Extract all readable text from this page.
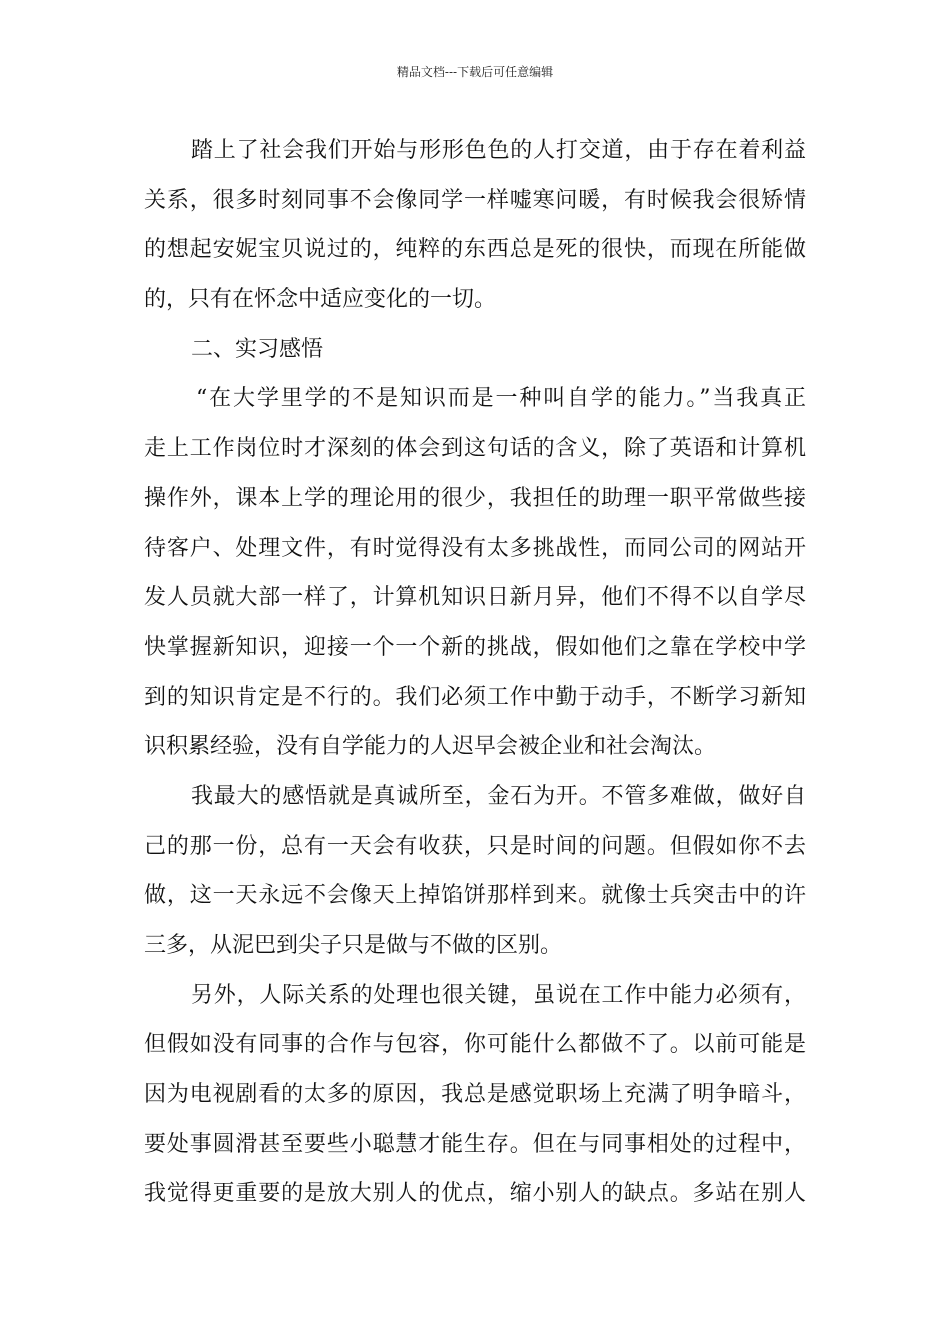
精品文档---下载后可任意编辑
踏上了社会我们开始与形形色色的人打交道，由于存在着利益
关系，很多时刻同事不会像同学一样嘘寒问暖，有时候我会很矫情
的想起安妮宝贝说过的，纯粹的东西总是死的很快，而现在所能做
的，只有在怀念中适应变化的一切。
二、实习感悟
“在大学里学的不是知识而是一种叫自学的能力。”当我真正
走上工作岗位时才深刻的体会到这句话的含义，除了英语和计算机
操作外，课本上学的理论用的很少，我担任的助理一职平常做些接
待客户、处理文件，有时觉得没有太多挑战性，而同公司的网站开
发人员就大部一样了，计算机知识日新月异，他们不得不以自学尽
快掌握新知识，迎接一个一个新的挑战，假如他们之靠在学校中学
到的知识肯定是不行的。我们必须工作中勤于动手，不断学习新知
识积累经验，没有自学能力的人迟早会被企业和社会淘汰。
我最大的感悟就是真诚所至，金石为开。不管多难做，做好自
己的那一份，总有一天会有收获，只是时间的问题。但假如你不去
做，这一天永远不会像天上掉馅饼那样到来。就像士兵突击中的许
三多，从泥巴到尖子只是做与不做的区别。
另外，人际关系的处理也很关键，虽说在工作中能力必须有，
但假如没有同事的合作与包容，你可能什么都做不了。以前可能是
因为电视剧看的太多的原因，我总是感觉职场上充满了明争暗斗，
要处事圆滑甚至要些小聪慧才能生存。但在与同事相处的过程中，
我觉得更重要的是放大别人的优点，缩小别人的缺点。多站在别人
